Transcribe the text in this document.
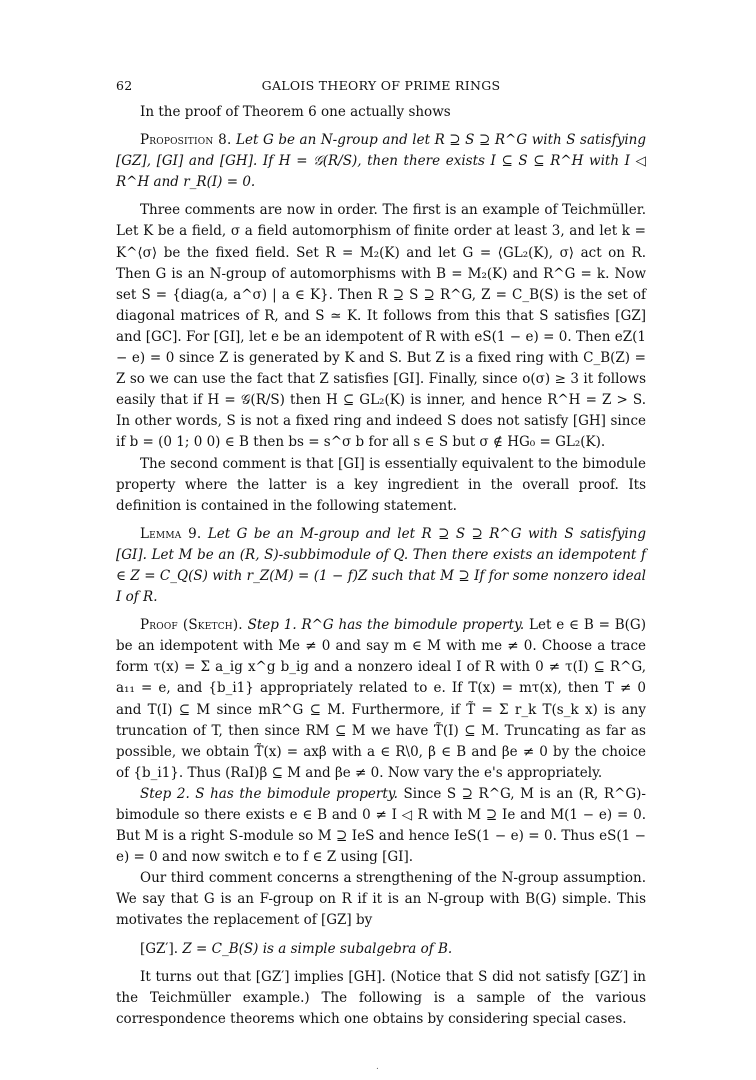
62	GALOIS THEORY OF PRIME RINGS

In the proof of Theorem 6 one actually shows

Proposition 8. Let G be an N-group and let R ⊇ S ⊇ R^G with S satisfying [GZ], [GI] and [GH]. If H = 𝒢(R/S), then there exists I ⊆ S ⊆ R^H with I ◁ R^H and r_R(I) = 0.

Three comments are now in order. The first is an example of Teichmüller. Let K be a field, σ a field automorphism of finite order at least 3, and let k = K^⟨σ⟩ be the fixed field. Set R = M₂(K) and let G = ⟨GL₂(K), σ⟩ act on R. Then G is an N-group of automorphisms with B = M₂(K) and R^G = k. Now set S = {diag(a, a^σ) | a ∈ K}. Then R ⊇ S ⊇ R^G, Z = C_B(S) is the set of diagonal matrices of R, and S ≃ K. It follows from this that S satisfies [GZ] and [GC]. For [GI], let e be an idempotent of R with eS(1 − e) = 0. Then eZ(1 − e) = 0 since Z is generated by K and S. But Z is a fixed ring with C_B(Z) = Z so we can use the fact that Z satisfies [GI]. Finally, since o(σ) ≥ 3 it follows easily that if H = 𝒢(R/S) then H ⊆ GL₂(K) is inner, and hence R^H = Z > S. In other words, S is not a fixed ring and indeed S does not satisfy [GH] since if b = (0 1; 0 0) ∈ B then bs = s^σ b for all s ∈ S but σ ∉ HG₀ = GL₂(K).

The second comment is that [GI] is essentially equivalent to the bimodule property where the latter is a key ingredient in the overall proof. Its definition is contained in the following statement.

Lemma 9. Let G be an M-group and let R ⊇ S ⊇ R^G with S satisfying [GI]. Let M be an (R, S)-subbimodule of Q. Then there exists an idempotent f ∈ Z = C_Q(S) with r_Z(M) = (1 − f)Z such that M ⊇ If for some nonzero ideal I of R.

Proof (Sketch). Step 1. R^G has the bimodule property. Let e ∈ B = B(G) be an idempotent with Me ≠ 0 and say m ∈ M with me ≠ 0. Choose a trace form τ(x) = Σ a_ig x^g b_ig and a nonzero ideal I of R with 0 ≠ τ(I) ⊆ R^G, a₁₁ = e, and {b_i1} appropriately related to e. If T(x) = mτ(x), then T ≠ 0 and T(I) ⊆ M since mR^G ⊆ M. Furthermore, if T̃ = Σ r_k T(s_k x) is any truncation of T, then since RM ⊆ M we have T̃(I) ⊆ M. Truncating as far as possible, we obtain T̃(x) = axβ with a ∈ R\0, β ∈ B and βe ≠ 0 by the choice of {b_i1}. Thus (RaI)β ⊆ M and βe ≠ 0. Now vary the e's appropriately.

Step 2. S has the bimodule property. Since S ⊇ R^G, M is an (R, R^G)-bimodule so there exists e ∈ B and 0 ≠ I ◁ R with M ⊇ Ie and M(1 − e) = 0. But M is a right S-module so M ⊇ IeS and hence IeS(1 − e) = 0. Thus eS(1 − e) = 0 and now switch e to f ∈ Z using [GI].

Our third comment concerns a strengthening of the N-group assumption. We say that G is an F-group on R if it is an N-group with B(G) simple. This motivates the replacement of [GZ] by

[GZ′]. Z = C_B(S) is a simple subalgebra of B.

It turns out that [GZ′] implies [GH]. (Notice that S did not satisfy [GZ′] in the Teichmüller example.) The following is a sample of the various correspondence theorems which one obtains by considering special cases.

.
